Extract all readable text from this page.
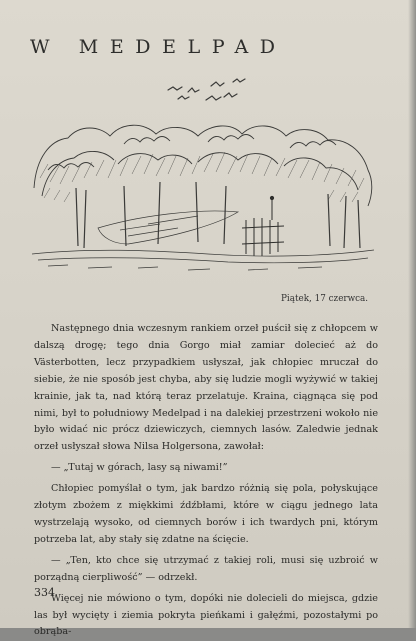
W MEDELPAD
Piątek, 17 czerwca.

Następnego dnia wczesnym rankiem orzeł puścił się z chłopcem w dalszą drogę; tego dnia Gorgo miał zamiar dolecieć aż do Västerbotten, lecz przypadkiem usłyszał, jak chłopiec mruczał do siebie, że nie sposób jest chyba, aby się ludzie mogli wyżywić w takiej krainie, jak ta, nad którą teraz przelatuje. Kraina, ciągnąca się pod nimi, był to południowy Medelpad i na dalekiej przestrzeni wokoło nie było widać nic prócz dziewiczych, ciemnych lasów. Zaledwie jednak orzeł usłyszał słowa Nilsa Holgersona, zawołał:

— „Tutaj w górach, lasy są niwami!”

Chłopiec pomyślał o tym, jak bardzo różnią się pola, połyskujące złotym zbożem z miękkimi źdźbłami, które w ciągu jednego lata wystrzelają wysoko, od ciemnych borów i ich twardych pni, którym potrzeba lat, aby stały się zdatne na ścięcie.

— „Ten, kto chce się utrzymać z takiej roli, musi się uzbroić w porządną cierpliwość” — odrzekł.

Więcej nie mówiono o tym, dopóki nie dolecieli do miejsca, gdzie las był wycięty i ziemia pokryta pieńkami i gałęźmi, pozostałymi po obrąba-

334
